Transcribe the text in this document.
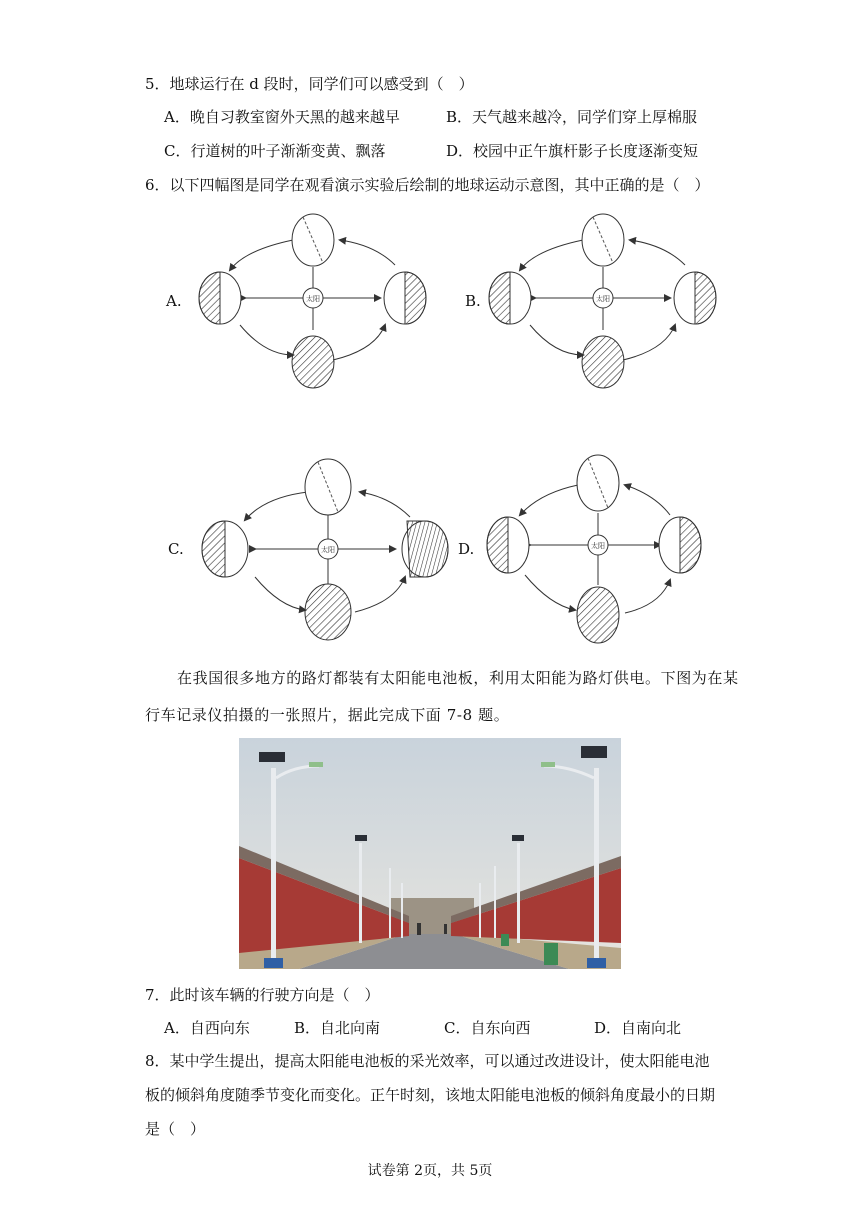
5．地球运行在 d 段时，同学们可以感受到（　）
A．晚自习教室窗外天黑的越来越早	B．天气越来越冷，同学们穿上厚棉服
C．行道树的叶子渐渐变黄、飘落	D．校园中正午旗杆影子长度逐渐变短
6．以下四幅图是同学在观看演示实验后绘制的地球运动示意图，其中正确的是（　）
A.	太阳	B.	太阳
C.	太阳	D.	太阳
在我国很多地方的路灯都装有太阳能电池板，利用太阳能为路灯供电。下图为在某
行车记录仪拍摄的一张照片，据此完成下面 7-8 题。
7．此时该车辆的行驶方向是（　）
A．自西向东	B．自北向南	C．自东向西	D．自南向北
8．某中学生提出，提高太阳能电池板的采光效率，可以通过改进设计，使太阳能电池
板的倾斜角度随季节变化而变化。正午时刻，该地太阳能电池板的倾斜角度最小的日期
是（　）
试卷第 2页，共 5页
